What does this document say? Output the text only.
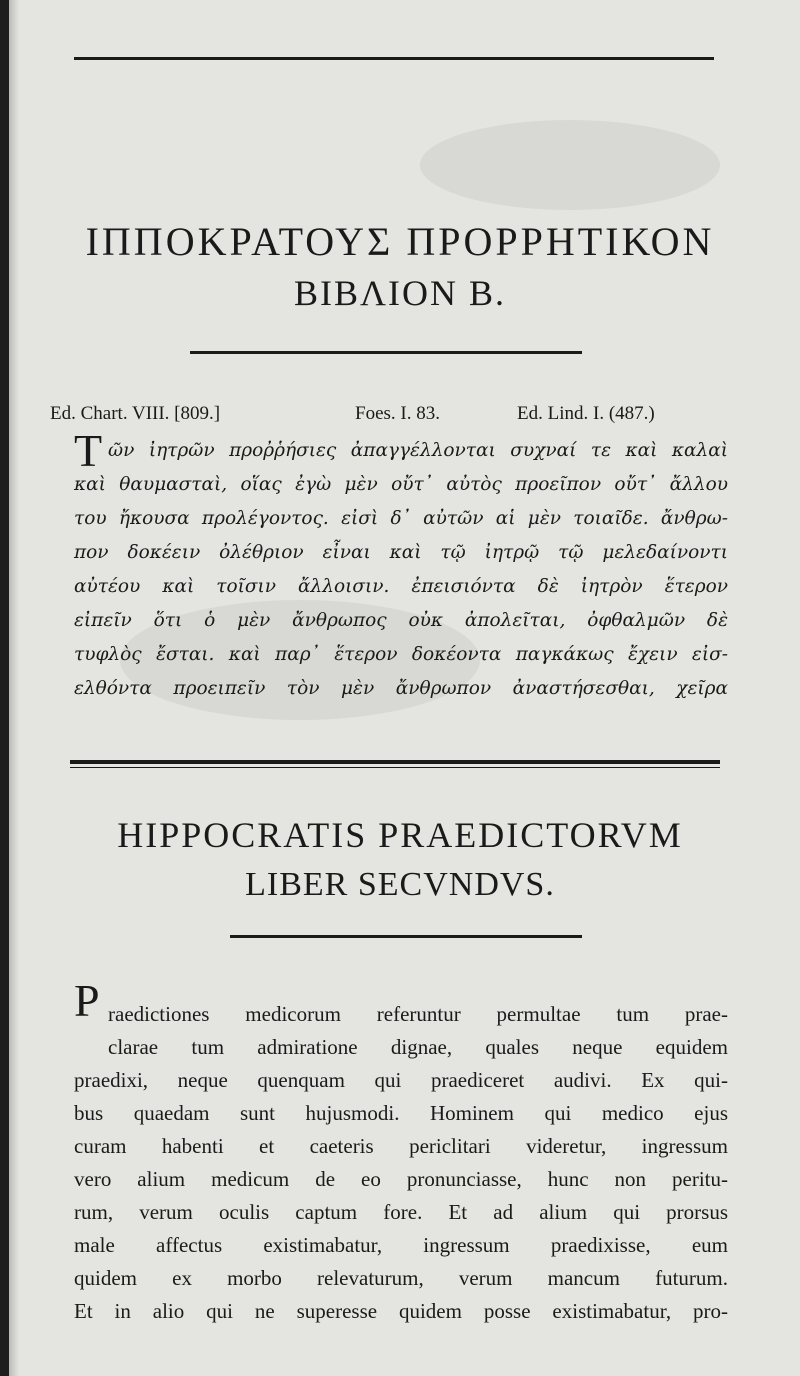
ΙΠΠΟΚΡΑΤΟΥΣ ΠΡΟΡΡΗΤΙΚΟΝ
ΒΙΒΛΙΟΝ Β.
Ed. Chart. VIII. [809.]	Foes. I. 83.	Ed. Lind. I. (487.)
Τ ῶν ἰητρῶν προῤῥήσιες ἀπαγγέλλονται συχναί τε καὶ καλαὶ
καὶ θαυμασταὶ, οἵας ἐγὼ μὲν οὔτ᾽ αὐτὸς προεῖπον οὔτ᾽ ἄλλου
του ἤκουσα προλέγοντος. εἰσὶ δ᾽ αὐτῶν αἱ μὲν τοιαῖδε. ἄνθρω-
πον δοκέειν ὀλέθριον εἶναι καὶ τῷ ἰητρῷ τῷ μελεδαίνοντι
αὐτέου καὶ τοῖσιν ἄλλοισιν. ἐπεισιόντα δὲ ἰητρὸν ἕτερον
εἰπεῖν ὅτι ὁ μὲν ἄνθρωπος οὐκ ἀπολεῖται, ὀφθαλμῶν δὲ
τυφλὸς ἔσται. καὶ παρ᾽ ἕτερον δοκέοντα παγκάκως ἔχειν εἰσ-
ελθόντα προειπεῖν τὸν μὲν ἄνθρωπον ἀναστήσεσθαι, χεῖρα
HIPPOCRATIS PRAEDICTORVM
LIBER SECVNDVS.
P raedictiones medicorum referuntur permultae tum prae-
clarae tum admiratione dignae, quales neque equidem
praedixi, neque quenquam qui praediceret audivi. Ex qui-
bus quaedam sunt hujusmodi. Hominem qui medico ejus
curam habenti et caeteris periclitari videretur, ingressum
vero alium medicum de eo pronunciasse, hunc non peritu-
rum, verum oculis captum fore. Et ad alium qui prorsus
male affectus existimabatur, ingressum praedixisse, eum
quidem ex morbo relevaturum, verum mancum futurum.
Et in alio qui ne superesse quidem posse existimabatur, pro-
